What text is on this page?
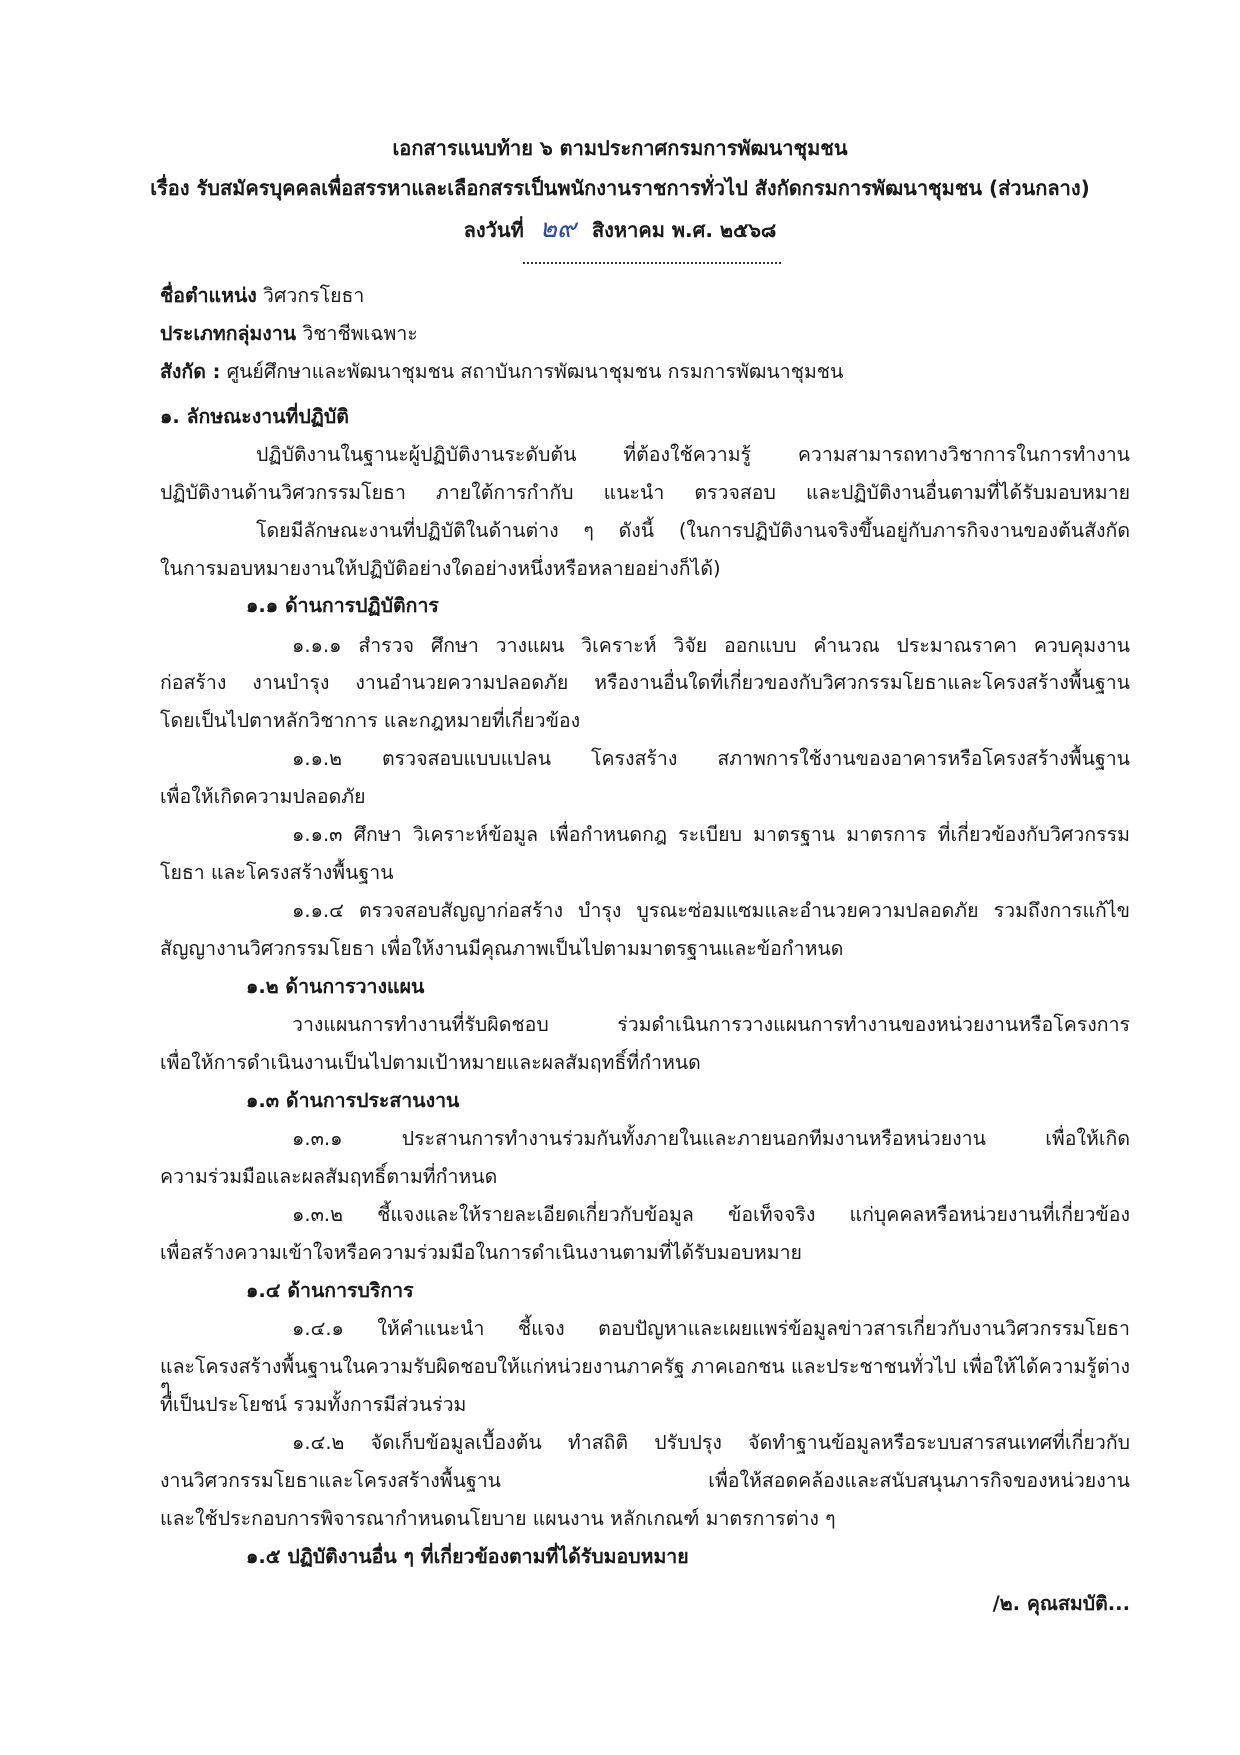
เอกสารแนบท้าย ๖ ตามประกาศกรมการพัฒนาชุมชน
เรื่อง รับสมัครบุคคลเพื่อสรรหาและเลือกสรรเป็นพนักงานราชการทั่วไป สังกัดกรมการพัฒนาชุมชน (ส่วนกลาง)
ลงวันที่ ๒๙ สิงหาคม พ.ศ. ๒๕๖๘
ชื่อตำแหน่ง วิศวกรโยธา
ประเภทกลุ่มงาน วิชาชีพเฉพาะ
สังกัด : ศูนย์ศึกษาและพัฒนาชุมชน สถาบันการพัฒนาชุมชน กรมการพัฒนาชุมชน
๑. ลักษณะงานที่ปฏิบัติ
ปฏิบัติงานในฐานะผู้ปฏิบัติงานระดับต้น ที่ต้องใช้ความรู้ ความสามารถทางวิชาการในการทำงาน
ปฏิบัติงานด้านวิศวกรรมโยธา ภายใต้การกำกับ แนะนำ ตรวจสอบ และปฏิบัติงานอื่นตามที่ได้รับมอบหมาย
โดยมีลักษณะงานที่ปฏิบัติในด้านต่าง ๆ ดังนี้ (ในการปฏิบัติงานจริงขึ้นอยู่กับภารกิจงานของต้นสังกัด
ในการมอบหมายงานให้ปฏิบัติอย่างใดอย่างหนึ่งหรือหลายอย่างก็ได้)
๑.๑ ด้านการปฏิบัติการ
๑.๑.๑ สำรวจ ศึกษา วางแผน วิเคราะห์ วิจัย ออกแบบ คำนวณ ประมาณราคา ควบคุมงาน
ก่อสร้าง งานบำรุง งานอำนวยความปลอดภัย หรืองานอื่นใดที่เกี่ยวของกับวิศวกรรมโยธาและโครงสร้างพื้นฐาน
โดยเป็นไปตาหลักวิชาการ และกฎหมายที่เกี่ยวข้อง
๑.๑.๒ ตรวจสอบแบบแปลน โครงสร้าง สภาพการใช้งานของอาคารหรือโครงสร้างพื้นฐาน
เพื่อให้เกิดความปลอดภัย
๑.๑.๓ ศึกษา วิเคราะห์ข้อมูล เพื่อกำหนดกฎ ระเบียบ มาตรฐาน มาตรการ ที่เกี่ยวข้องกับวิศวกรรม
โยธา และโครงสร้างพื้นฐาน
๑.๑.๔ ตรวจสอบสัญญาก่อสร้าง บำรุง บูรณะซ่อมแซมและอำนวยความปลอดภัย รวมถึงการแก้ไข
สัญญางานวิศวกรรมโยธา เพื่อให้งานมีคุณภาพเป็นไปตามมาตรฐานและข้อกำหนด
๑.๒ ด้านการวางแผน
วางแผนการทำงานที่รับผิดชอบ ร่วมดำเนินการวางแผนการทำงานของหน่วยงานหรือโครงการ
เพื่อให้การดำเนินงานเป็นไปตามเป้าหมายและผลสัมฤทธิ์ที่กำหนด
๑.๓ ด้านการประสานงาน
๑.๓.๑ ประสานการทำงานร่วมกันทั้งภายในและภายนอกทีมงานหรือหน่วยงาน เพื่อให้เกิด
ความร่วมมือและผลสัมฤทธิ์ตามที่กำหนด
๑.๓.๒ ชี้แจงและให้รายละเอียดเกี่ยวกับข้อมูล ข้อเท็จจริง แก่บุคคลหรือหน่วยงานที่เกี่ยวข้อง
เพื่อสร้างความเข้าใจหรือความร่วมมือในการดำเนินงานตามที่ได้รับมอบหมาย
๑.๔ ด้านการบริการ
๑.๔.๑ ให้คำแนะนำ ชี้แจง ตอบปัญหาและเผยแพร่ข้อมูลข่าวสารเกี่ยวกับงานวิศวกรรมโยธา
และโครงสร้างพื้นฐานในความรับผิดชอบให้แก่หน่วยงานภาครัฐ ภาคเอกชน และประชาชนทั่วไป เพื่อให้ได้ความรู้ต่าง ๆ
ที่เป็นประโยชน์ รวมทั้งการมีส่วนร่วม
๑.๔.๒ จัดเก็บข้อมูลเบื้องต้น ทำสถิติ ปรับปรุง จัดทำฐานข้อมูลหรือระบบสารสนเทศที่เกี่ยวกับ
งานวิศวกรรมโยธาและโครงสร้างพื้นฐาน เพื่อให้สอดคล้องและสนับสนุนภารกิจของหน่วยงาน
และใช้ประกอบการพิจารณากำหนดนโยบาย แผนงาน หลักเกณฑ์ มาตรการต่าง ๆ
๑.๕ ปฏิบัติงานอื่น ๆ ที่เกี่ยวข้องตามที่ได้รับมอบหมาย
/๒. คุณสมบัติ...
